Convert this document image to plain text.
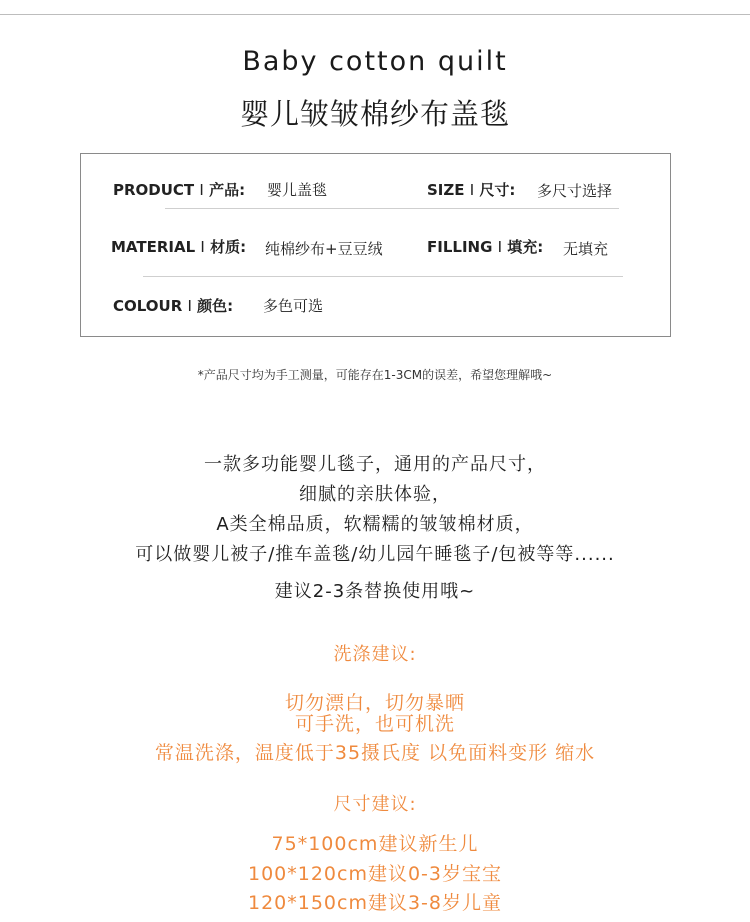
Baby cotton quilt
婴儿皱皱棉纱布盖毯
PRODUCT I 产品: 婴儿盖毯	SIZE I 尺寸: 多尺寸选择
MATERIAL I 材质: 纯棉纱布+豆豆绒	FILLING I 填充: 无填充
COLOUR I 颜色: 多色可选
*产品尺寸均为手工测量，可能存在1-3CM的误差，希望您理解哦~
一款多功能婴儿毯子，通用的产品尺寸，
细腻的亲肤体验，
A类全棉品质，软糯糯的皱皱棉材质，
可以做婴儿被子/推车盖毯/幼儿园午睡毯子/包被等等......
建议2-3条替换使用哦~
洗涤建议:
切勿漂白，切勿暴晒
可手洗，也可机洗
常温洗涤，温度低于35摄氏度 以免面料变形 缩水
尺寸建议:
75*100cm建议新生儿
100*120cm建议0-3岁宝宝
120*150cm建议3-8岁儿童
